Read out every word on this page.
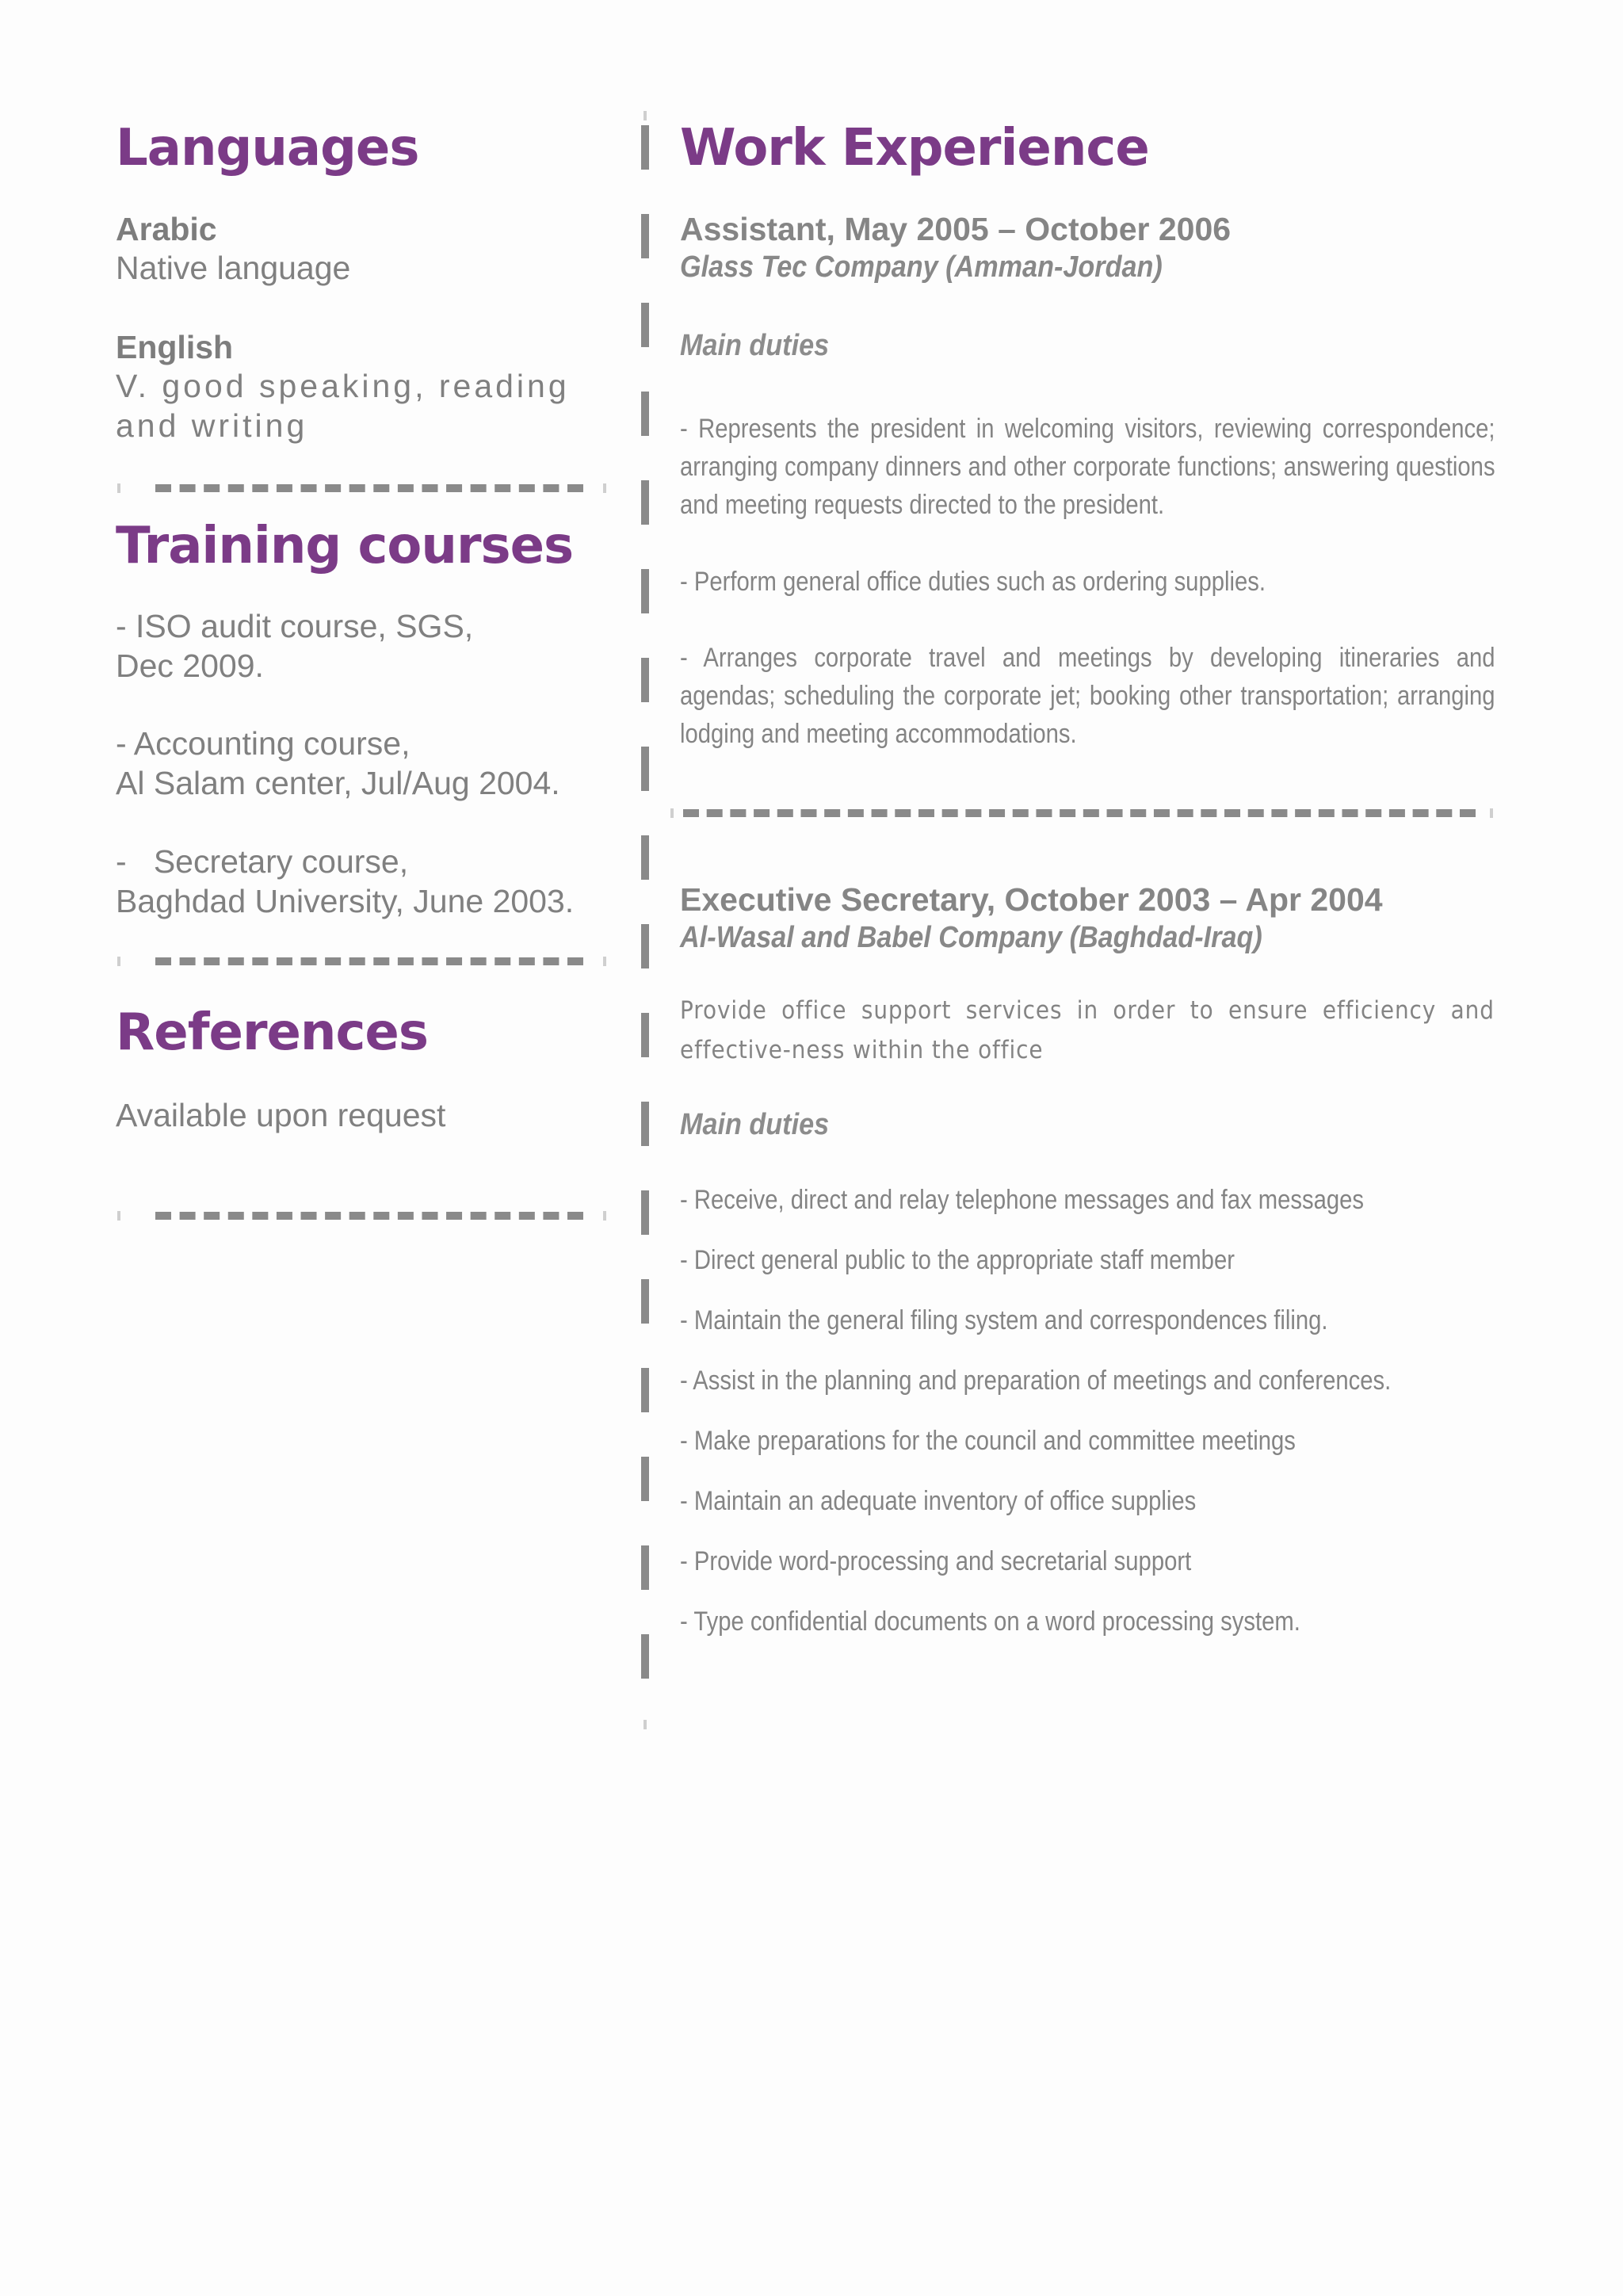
Languages
Arabic
Native language
English
V. good speaking, reading
and writing
Training courses
- ISO audit course, SGS,
Dec 2009.
- Accounting course,
Al Salam center, Jul/Aug 2004.
-   Secretary course,
Baghdad University, June 2003.
References
Available upon request
Work Experience
Assistant, May 2005 – October 2006
Glass Tec Company (Amman-Jordan)
Main duties

- Represents the president in welcoming visitors, reviewing correspondence; arranging company dinners and other corporate functions; answering questions and meeting requests directed to the president.

- Perform general office duties such as ordering supplies.

- Arranges corporate travel and meetings by developing itineraries and agendas; scheduling the corporate jet; booking other transportation; arranging lodging and meeting accommodations.

Executive Secretary, October 2003 – Apr 2004
Al-Wasal and Babel Company (Baghdad-Iraq)

Provide office support services in order to ensure efficiency and effective-ness within the office

Main duties
- Receive, direct and relay telephone messages and fax messages
- Direct general public to the appropriate staff member
- Maintain the general filing system and correspondences filing.
- Assist in the planning and preparation of meetings and conferences.
- Make preparations for the council and committee meetings
- Maintain an adequate inventory of office supplies
- Provide word-processing and secretarial support
- Type confidential documents on a word processing system.
